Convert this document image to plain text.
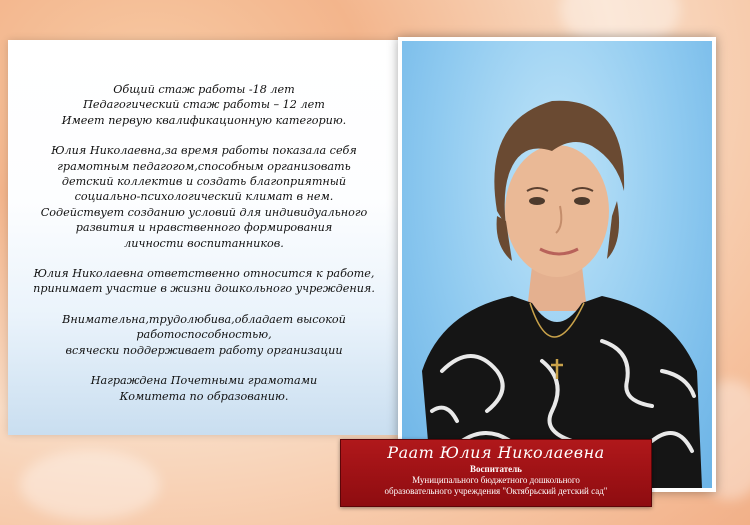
Общий стаж работы -18 лет
Педагогический стаж работы – 12 лет
Имеет первую квалификационную категорию.

Юлия Николаевна,за время работы показала себя
грамотным педагогом,способным организовать
детский коллектив и создать благоприятный
социально-психологический климат в нем.
Содействует созданию условий для индивидуального
развития и нравственного формирования
личности воспитанников.

Юлия Николаевна ответственно относится к работе,
принимает участие в жизни дошкольного учреждения.

Внимательна,трудолюбива,обладает высокой
работоспособностью,
всячески поддерживает работу организации

Награждена Почетными грамотами
Комитета по образованию.

Раат Юлия Николаевна
Воспитатель
Муниципального бюджетного дошкольного
образовательного учреждения "Октябрьский детский сад"
